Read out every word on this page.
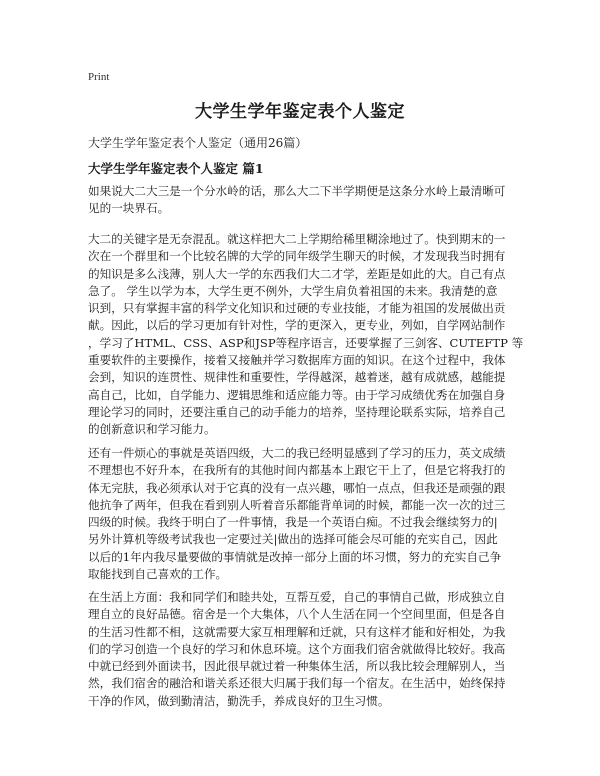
Print
大学生学年鉴定表个人鉴定
大学生学年鉴定表个人鉴定（通用26篇）
大学生学年鉴定表个人鉴定 篇1

如果说大二大三是一个分水岭的话，那么大二下半学期便是这条分水岭上最清晰可
见的一块界石。

大二的关键字是无奈混乱。就这样把大二上学期给稀里糊涂地过了。快到期末的一
次在一个群里和一个比较名牌的大学的同年级学生聊天的时候，才发现我当时拥有
的知识是多么浅薄，别人大一学的东西我们大二才学，差距是如此的大。自己有点
急了。 学生以学为本，大学生更不例外，大学生肩负着祖国的未来。我清楚的意
识到，只有掌握丰富的科学文化知识和过硬的专业技能，才能为祖国的发展做出贡
献。因此，以后的学习更加有针对性，学的更深入，更专业，列如，自学网站制作
，学习了HTML、CSS、ASP和JSP等程序语言，还要掌握了三剑客、CUTEFTP 等
重要软件的主要操作，接着又接触并学习数据库方面的知识。在这个过程中，我体
会到，知识的连贯性、规律性和重要性，学得越深，越着迷，越有成就感，越能提
高自己，比如，自学能力、逻辑思维和适应能力等。由于学习成绩优秀在加强自身
理论学习的同时，还要注重自己的动手能力的培养，坚持理论联系实际，培养自己
的创新意识和学习能力。

还有一件烦心的事就是英语四级，大二的我已经明显感到了学习的压力，英文成绩
不理想也不好升本，在我所有的其他时间内都基本上跟它干上了，但是它将我打的
体无完肤，我必须承认对于它真的没有一点兴趣，哪怕一点点，但我还是顽强的跟
他抗争了两年，但我在看到别人听着音乐都能背单词的时候，都能一次一次的过三
四级的时候。我终于明白了一件事情，我是一个英语白痴。不过我会继续努力的|
另外计算机等级考试我也一定要过关|做出的选择可能会尽可能的充实自己，因此
以后的1年内我尽量要做的事情就是改掉一部分上面的坏习惯，努力的充实自己争
取能找到自己喜欢的工作。

在生活上方面：我和同学们和睦共处，互帮互爱，自己的事情自己做，形成独立自
理自立的良好品德。宿舍是一个大集体，八个人生活在同一个空间里面，但是各自
的生活习性都不相，这就需要大家互相理解和迁就，只有这样才能和好相处，为我
们的学习创造一个良好的学习和休息环境。这个方面我们宿舍就做得比较好。我高
中就已经到外面读书，因此很早就过着一种集体生活，所以我比较会理解别人，当
然，我们宿舍的融洽和谐关系还很大归属于我们每一个宿友。在生活中，始终保持
干净的作风，做到勤清洁，勤洗手，养成良好的卫生习惯。
